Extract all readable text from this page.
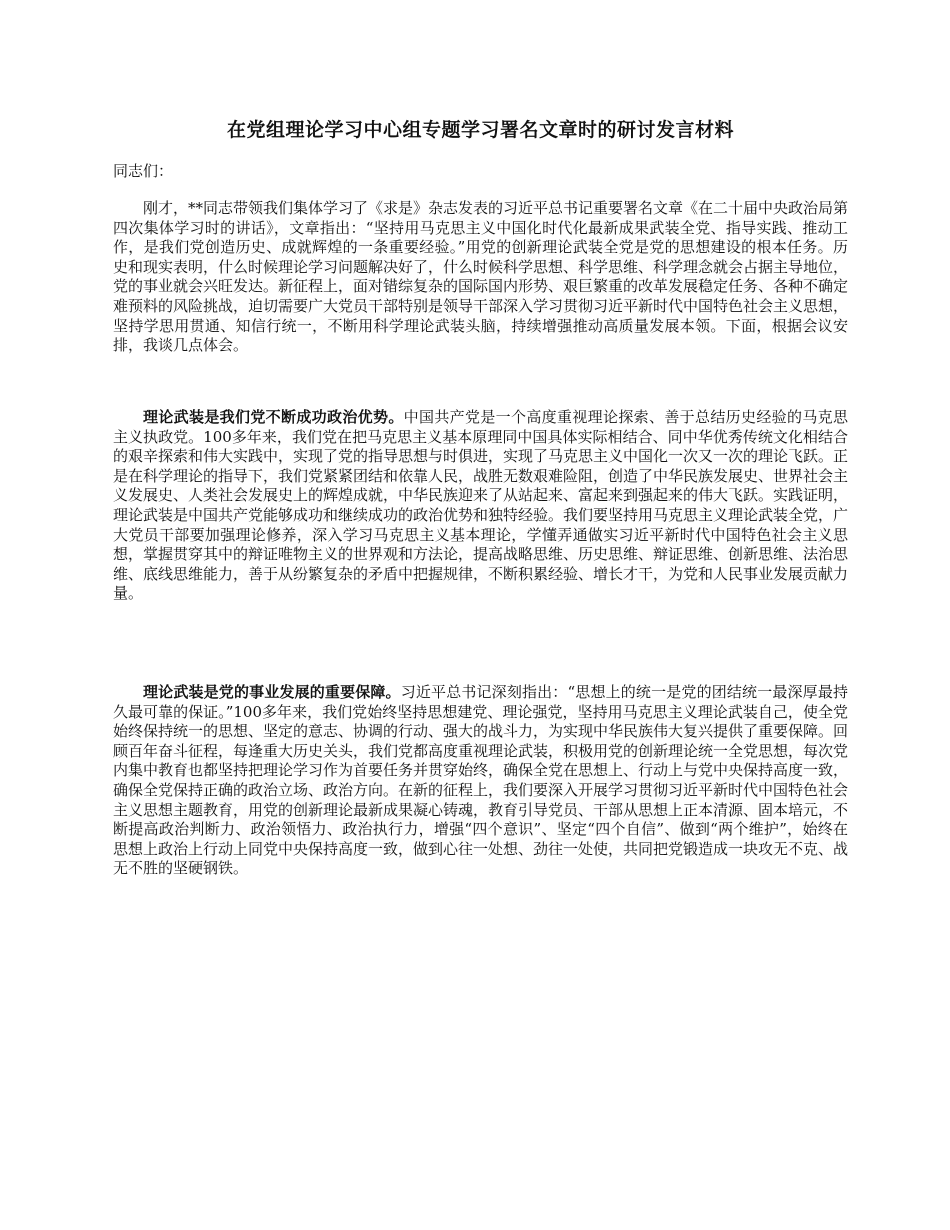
在党组理论学习中心组专题学习署名文章时的研讨发言材料

同志们：

刚才，**同志带领我们集体学习了《求是》杂志发表的习近平总书记重要署名文章《在二十届中央政治局第四次集体学习时的讲话》，文章指出：“坚持用马克思主义中国化时代化最新成果武装全党、指导实践、推动工作，是我们党创造历史、成就辉煌的一条重要经验。”用党的创新理论武装全党是党的思想建设的根本任务。历史和现实表明，什么时候理论学习问题解决好了，什么时候科学思想、科学思维、科学理念就会占据主导地位，党的事业就会兴旺发达。新征程上，面对错综复杂的国际国内形势、艰巨繁重的改革发展稳定任务、各种不确定难预料的风险挑战，迫切需要广大党员干部特别是领导干部深入学习贯彻习近平新时代中国特色社会主义思想，坚持学思用贯通、知信行统一，不断用科学理论武装头脑，持续增强推动高质量发展本领。下面，根据会议安排，我谈几点体会。

理论武装是我们党不断成功政治优势。中国共产党是一个高度重视理论探索、善于总结历史经验的马克思主义执政党。100多年来，我们党在把马克思主义基本原理同中国具体实际相结合、同中华优秀传统文化相结合的艰辛探索和伟大实践中，实现了党的指导思想与时俱进，实现了马克思主义中国化一次又一次的理论飞跃。正是在科学理论的指导下，我们党紧紧团结和依靠人民，战胜无数艰难险阻，创造了中华民族发展史、世界社会主义发展史、人类社会发展史上的辉煌成就，中华民族迎来了从站起来、富起来到强起来的伟大飞跃。实践证明，理论武装是中国共产党能够成功和继续成功的政治优势和独特经验。我们要坚持用马克思主义理论武装全党，广大党员干部要加强理论修养，深入学习马克思主义基本理论，学懂弄通做实习近平新时代中国特色社会主义思想，掌握贯穿其中的辩证唯物主义的世界观和方法论，提高战略思维、历史思维、辩证思维、创新思维、法治思维、底线思维能力，善于从纷繁复杂的矛盾中把握规律，不断积累经验、增长才干，为党和人民事业发展贡献力量。

理论武装是党的事业发展的重要保障。习近平总书记深刻指出：“思想上的统一是党的团结统一最深厚最持久最可靠的保证。”100多年来，我们党始终坚持思想建党、理论强党，坚持用马克思主义理论武装自己，使全党始终保持统一的思想、坚定的意志、协调的行动、强大的战斗力，为实现中华民族伟大复兴提供了重要保障。回顾百年奋斗征程，每逢重大历史关头，我们党都高度重视理论武装，积极用党的创新理论统一全党思想，每次党内集中教育也都坚持把理论学习作为首要任务并贯穿始终，确保全党在思想上、行动上与党中央保持高度一致，确保全党保持正确的政治立场、政治方向。在新的征程上，我们要深入开展学习贯彻习近平新时代中国特色社会主义思想主题教育，用党的创新理论最新成果凝心铸魂，教育引导党员、干部从思想上正本清源、固本培元，不断提高政治判断力、政治领悟力、政治执行力，增强“四个意识”、坚定“四个自信”、做到“两个维护”，始终在思想上政治上行动上同党中央保持高度一致，做到心往一处想、劲往一处使，共同把党锻造成一块攻无不克、战无不胜的坚硬钢铁。
